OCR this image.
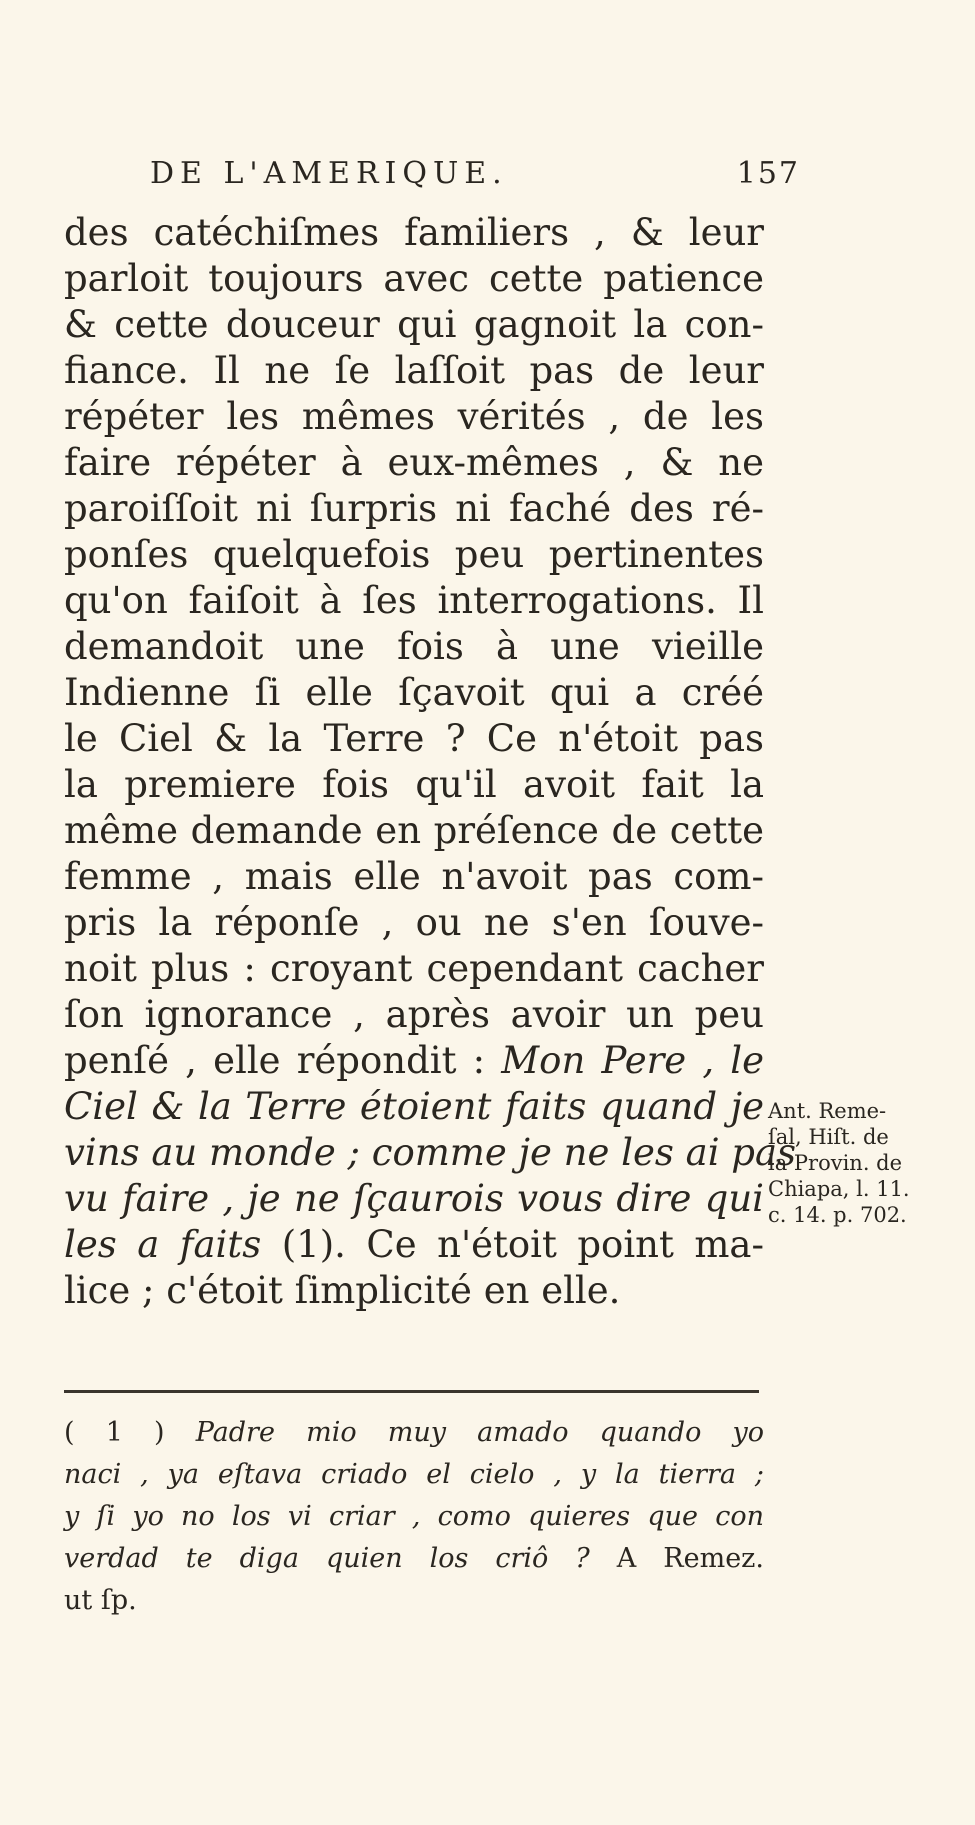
DE L'AMERIQUE.	157
des catéchiſmes familiers , & leur
parloit toujours avec cette patience
& cette douceur qui gagnoit la con-
fiance. Il ne ſe laſſoit pas de leur
répéter les mêmes vérités , de les
faire répéter à eux-mêmes , & ne
paroiſſoit ni ſurpris ni faché des ré-
ponſes quelquefois peu pertinentes
qu'on faiſoit à ſes interrogations. Il
demandoit une fois à une vieille
Indienne ſi elle ſçavoit qui a créé
le Ciel & la Terre ? Ce n'étoit pas
la premiere fois qu'il avoit fait la
même demande en préſence de cette
femme , mais elle n'avoit pas com-
pris la réponſe , ou ne s'en ſouve-
noit plus : croyant cependant cacher
ſon ignorance , après avoir un peu
penſé , elle répondit : Mon Pere , le
Ciel & la Terre étoient faits quand je
vins au monde ; comme je ne les ai pas
vu faire , je ne ſçaurois vous dire qui
les a faits (1). Ce n'étoit point ma-
lice ; c'étoit ſimplicité en elle.
Ant. Reme-
ſal, Hiſt. de
la Provin. de
Chiapa, l. 11.
c. 14. p. 702.
( 1 ) Padre mio muy amado quando yo
naci , ya eſtava criado el cielo , y la tierra ;
y ſi yo no los vi criar , como quieres que con
verdad te diga quien los criô ? A Remez.
ut ſp.
